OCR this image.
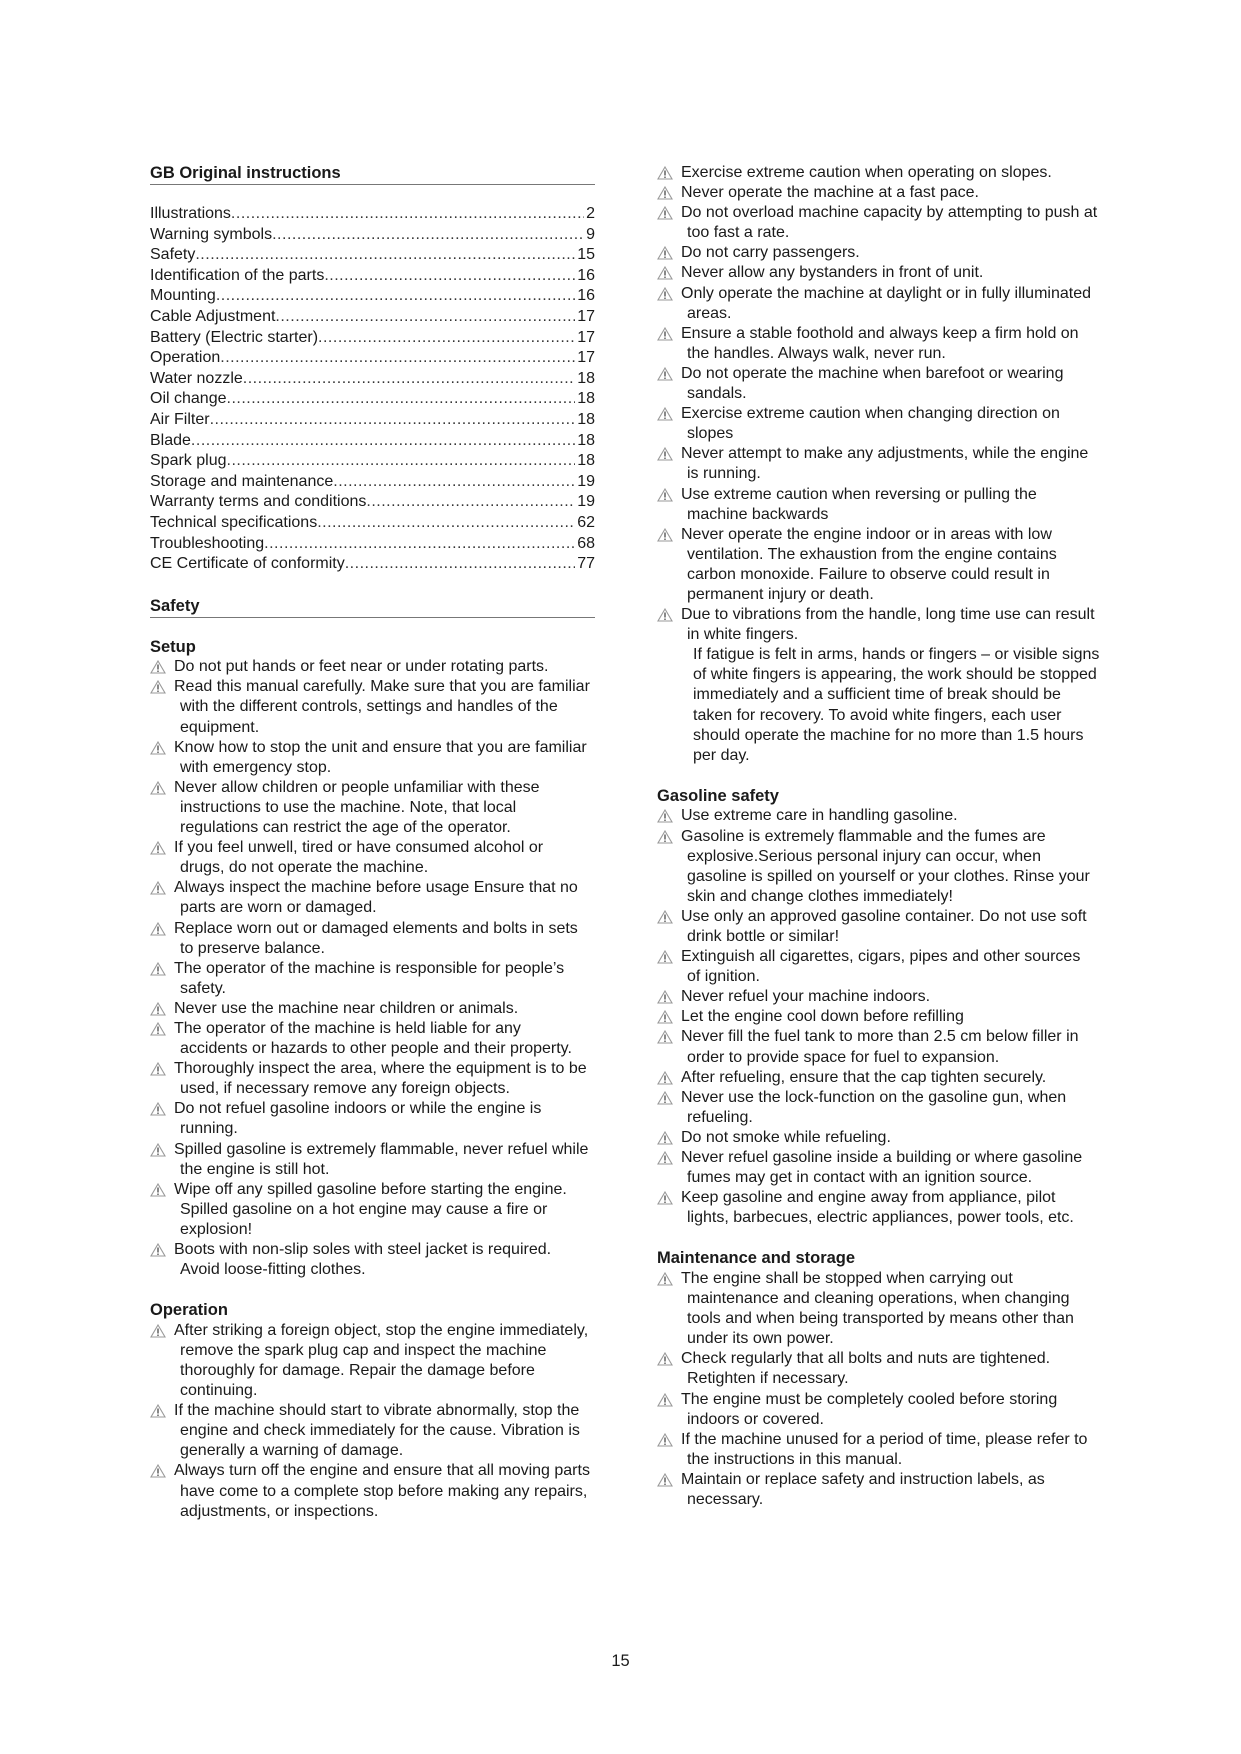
GB Original instructions
Illustrations .....	2
Warning symbols .....	9
Safety .....	15
Identification of the parts .....	16
Mounting .....	16
Cable Adjustment .....	17
Battery (Electric starter) .....	17
Operation .....	17
Water nozzle .....	18
Oil change .....	18
Air Filter .....	18
Blade .....	18
Spark plug .....	18
Storage and maintenance .....	19
Warranty terms and conditions .....	19
Technical specifications .....	62
Troubleshooting .....	68
CE Certificate of conformity .....	77
Safety
Setup
Do not put hands or feet near or under rotating parts.
Read this manual carefully. Make sure that you are familiar with the different controls, settings and handles of the equipment.
Know how to stop the unit and ensure that you are familiar with emergency stop.
Never allow children or people unfamiliar with these instructions to use the machine. Note, that local regulations can restrict the age of the operator.
If you feel unwell, tired or have consumed alcohol or drugs, do not operate the machine.
Always inspect the machine before usage Ensure that no parts are worn or damaged.
Replace worn out or damaged elements and bolts in sets to preserve balance.
The operator of the machine is responsible for people’s safety.
Never use the machine near children or animals.
The operator of the machine is held liable for any accidents or hazards to other people and their property.
Thoroughly inspect the area, where the equipment is to be used, if necessary remove any foreign objects.
Do not refuel gasoline indoors or while the engine is running.
Spilled gasoline is extremely flammable, never refuel while the engine is still hot.
Wipe off any spilled gasoline before starting the engine. Spilled gasoline on a hot engine may cause a fire or explosion!
Boots with non-slip soles with steel jacket is required. Avoid loose-fitting clothes.
Operation
After striking a foreign object, stop the engine immediately, remove the spark plug cap and inspect the machine thoroughly for damage. Repair the damage before continuing.
If the machine should start to vibrate abnormally, stop the engine and check immediately for the cause. Vibration is generally a warning of damage.
Always turn off the engine and ensure that all moving parts have come to a complete stop before making any repairs, adjustments, or inspections.
Exercise extreme caution when operating on slopes.
Never operate the machine at a fast pace.
Do not overload machine capacity by attempting to push at too fast a rate.
Do not carry passengers.
Never allow any bystanders in front of unit.
Only operate the machine at daylight or in fully illuminated areas.
Ensure a stable foothold and always keep a firm hold on the handles. Always walk, never run.
Do not operate the machine when barefoot or wearing sandals.
Exercise extreme caution when changing direction on slopes
Never attempt to make any adjustments, while the engine is running.
Use extreme caution when reversing or pulling the machine backwards
Never operate the engine indoor or in areas with low ventilation. The exhaustion from the engine contains carbon monoxide. Failure to observe could result in permanent injury or death.
Due to vibrations from the handle, long time use can result in white fingers.

If fatigue is felt in arms, hands or fingers – or visible signs of white fingers is appearing, the work should be stopped immediately and a sufficient time of break should be taken for recovery. To avoid white fingers, each user should operate the machine for no more than 1.5 hours per day.

Gasoline safety
Use extreme care in handling gasoline.
Gasoline is extremely flammable and the fumes are explosive.Serious personal injury can occur, when gasoline is spilled on yourself or your clothes. Rinse your skin and change clothes immediately!
Use only an approved gasoline container. Do not use soft drink bottle or similar!
Extinguish all cigarettes, cigars, pipes and other sources of ignition.
Never refuel your machine indoors.
Let the engine cool down before refilling
Never fill the fuel tank to more than 2.5 cm below filler in order to provide space for fuel to expansion.
After refueling, ensure that the cap tighten securely.
Never use the lock-function on the gasoline gun, when refueling.
Do not smoke while refueling.
Never refuel gasoline inside a building or where gasoline fumes may get in contact with an ignition source.
Keep gasoline and engine away from appliance, pilot lights, barbecues, electric appliances, power tools, etc.
Maintenance and storage
The engine shall be stopped when carrying out maintenance and cleaning operations, when changing tools and when being transported by means other than under its own power.
Check regularly that all bolts and nuts are tightened. Retighten if necessary.
The engine must be completely cooled before storing indoors or covered.
If the machine unused for a period of time, please refer to the instructions in this manual.
Maintain or replace safety and instruction labels, as necessary.
15
